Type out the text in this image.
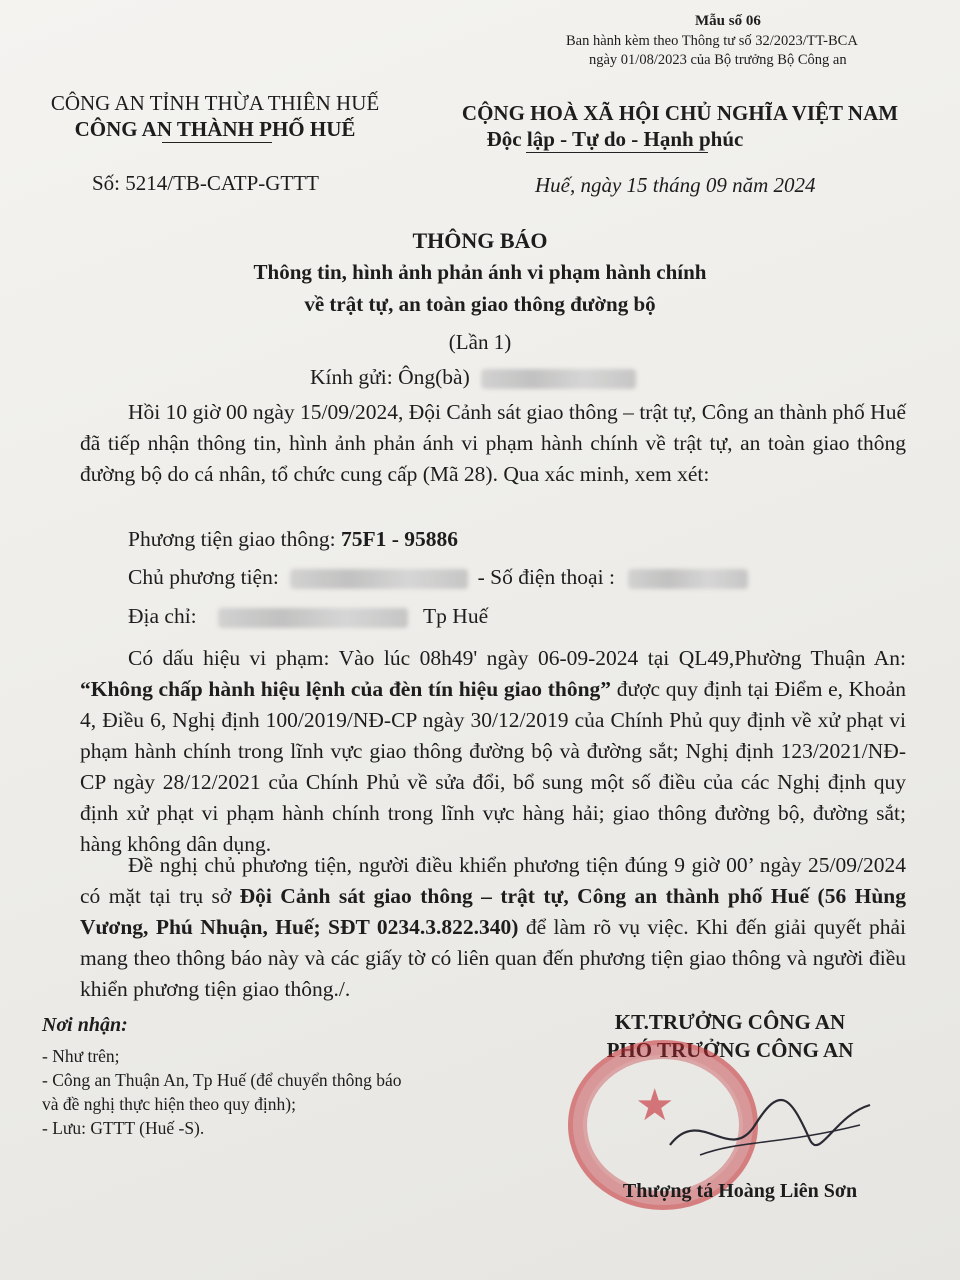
Mẫu số 06
Ban hành kèm theo Thông tư số 32/2023/TT-BCA
ngày 01/08/2023 của Bộ trưởng Bộ Công an
CÔNG AN TỈNH THỪA THIÊN HUẾ
CÔNG AN THÀNH PHỐ HUẾ
Số: 5214/TB-CATP-GTTT
CỘNG HOÀ XÃ HỘI CHỦ NGHĨA VIỆT NAM
Độc lập - Tự do - Hạnh phúc
Huế, ngày 15 tháng 09 năm 2024
THÔNG BÁO
Thông tin, hình ảnh phản ánh vi phạm hành chính
về trật tự, an toàn giao thông đường bộ
(Lần 1)
Kính gửi: Ông(bà)

Hồi 10 giờ 00 ngày 15/09/2024, Đội Cảnh sát giao thông – trật tự, Công an thành phố Huế đã tiếp nhận thông tin, hình ảnh phản ánh vi phạm hành chính về trật tự, an toàn giao thông đường bộ do cá nhân, tổ chức cung cấp (Mã 28). Qua xác minh, xem xét:

Phương tiện giao thông: 75F1 - 95886
Chủ phương tiện:	- Số điện thoại :
Địa chỉ:	Tp Huế

Có dấu hiệu vi phạm: Vào lúc 08h49' ngày 06-09-2024 tại QL49,Phường Thuận An: “Không chấp hành hiệu lệnh của đèn tín hiệu giao thông” được quy định tại Điểm e, Khoản 4, Điều 6, Nghị định 100/2019/NĐ-CP ngày 30/12/2019 của Chính Phủ quy định về xử phạt vi phạm hành chính trong lĩnh vực giao thông đường bộ và đường sắt; Nghị định 123/2021/NĐ-CP ngày 28/12/2021 của Chính Phủ về sửa đổi, bổ sung một số điều của các Nghị định quy định xử phạt vi phạm hành chính trong lĩnh vực hàng hải; giao thông đường bộ, đường sắt; hàng không dân dụng.

Đề nghị chủ phương tiện, người điều khiển phương tiện đúng 9 giờ 00’ ngày 25/09/2024 có mặt tại trụ sở Đội Cảnh sát giao thông – trật tự, Công an thành phố Huế (56 Hùng Vương, Phú Nhuận, Huế; SĐT 0234.3.822.340) để làm rõ vụ việc. Khi đến giải quyết phải mang theo thông báo này và các giấy tờ có liên quan đến phương tiện giao thông và người điều khiển phương tiện giao thông./.

Nơi nhận:
- Như trên;
- Công an Thuận An, Tp Huế (để chuyển thông báo
và đề nghị thực hiện theo quy định);
- Lưu: GTTT (Huế -S).
KT.TRƯỞNG CÔNG AN
PHÓ TRƯỞNG CÔNG AN
★
Thượng tá Hoàng Liên Sơn
